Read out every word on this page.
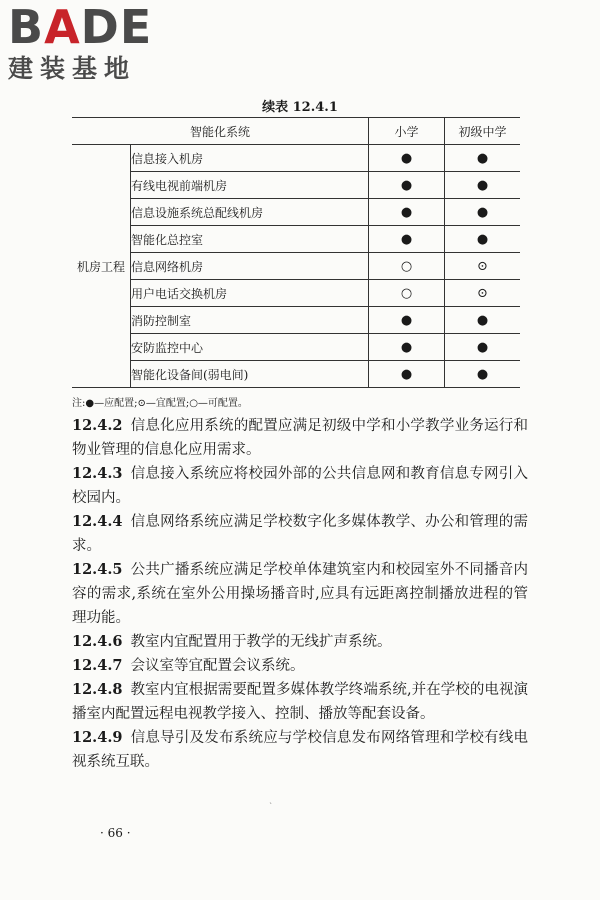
BADE
建装基地
续表 12.4.1
智能化系统		小学	初级中学
机房工程	信息接入机房	●	●
	有线电视前端机房	●	●
	信息设施系统总配线机房	●	●
	智能化总控室	●	●
	信息网络机房	○	⊙
	用户电话交换机房	○	⊙
	消防控制室	●	●
	安防监控中心	●	●
	智能化设备间(弱电间)	●	●
注:●—应配置;⊙—宜配置;○—可配置。
12.4.2 信息化应用系统的配置应满足初级中学和小学教学业务运行和物业管理的信息化应用需求。
12.4.3 信息接入系统应将校园外部的公共信息网和教育信息专网引入校园内。
12.4.4 信息网络系统应满足学校数字化多媒体教学、办公和管理的需求。
12.4.5 公共广播系统应满足学校单体建筑室内和校园室外不同播音内容的需求,系统在室外公用操场播音时,应具有远距离控制播放进程的管理功能。
12.4.6 教室内宜配置用于教学的无线扩声系统。
12.4.7 会议室等宜配置会议系统。
12.4.8 教室内宜根据需要配置多媒体教学终端系统,并在学校的电视演播室内配置远程电视教学接入、控制、播放等配套设备。
12.4.9 信息导引及发布系统应与学校信息发布网络管理和学校有线电视系统互联。
`
· 66 ·
